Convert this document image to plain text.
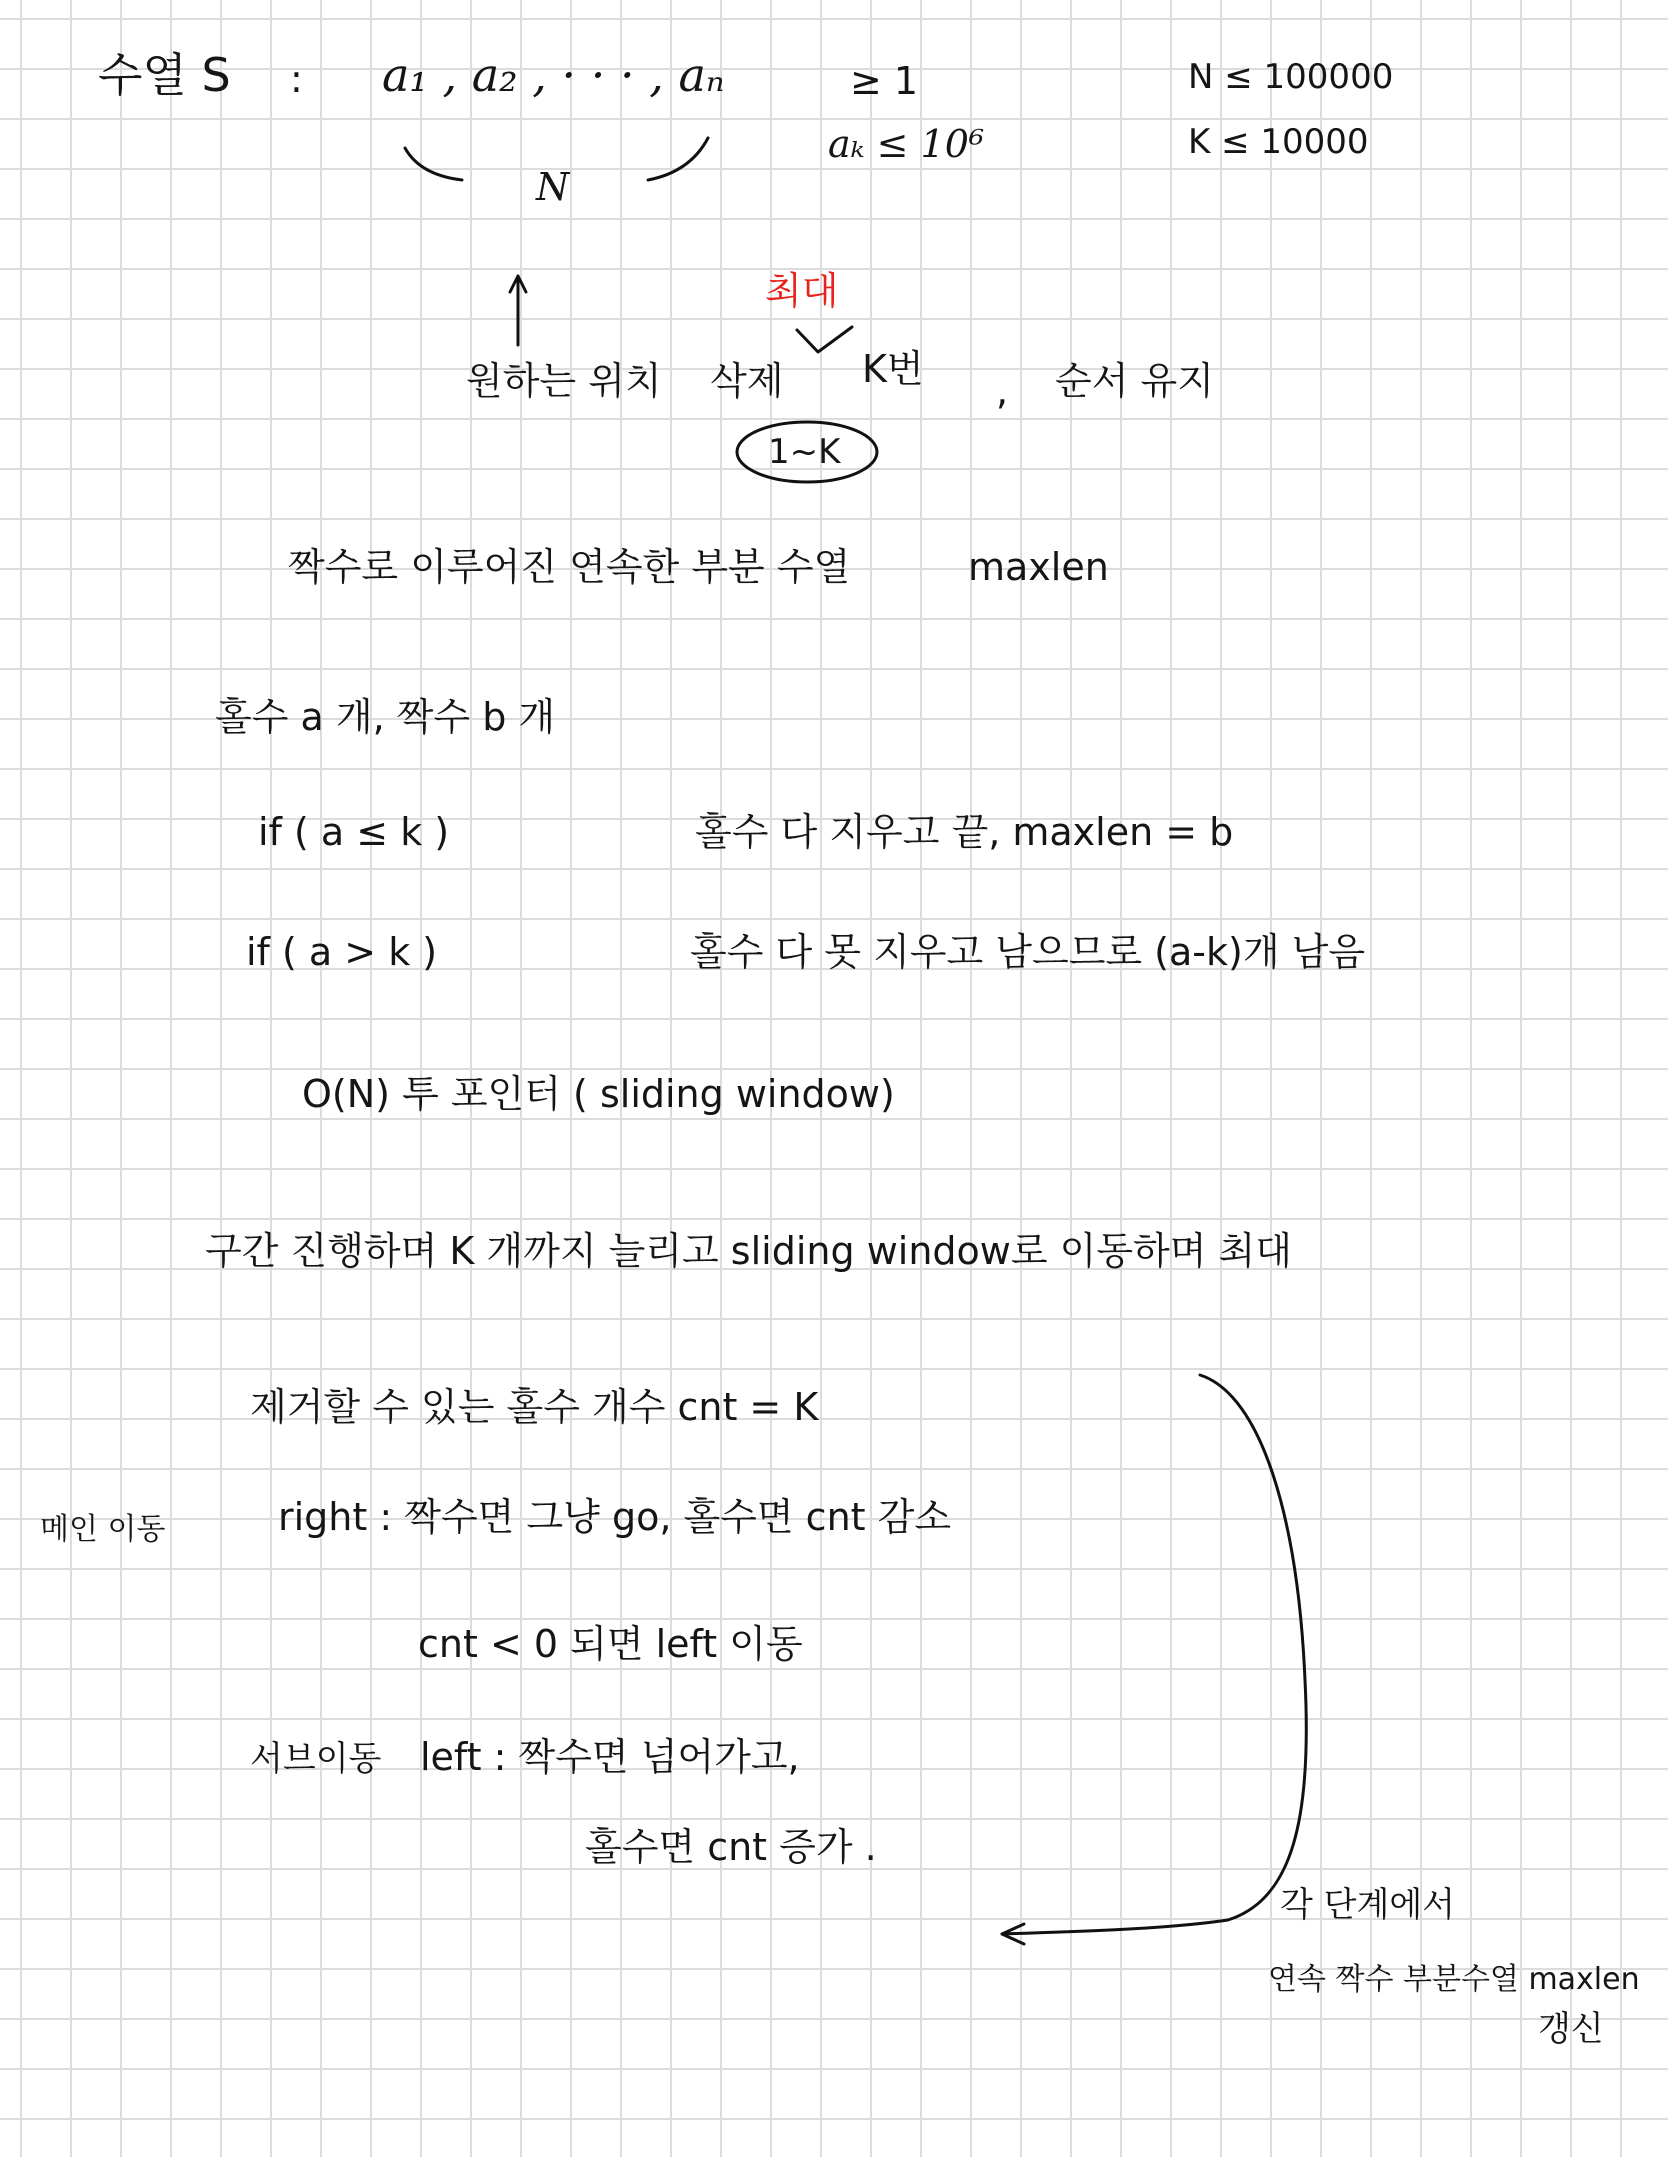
수열 S : a₁ , a₂ , · · · , aₙ
N
≥ 1
aₖ ≤ 10⁶
N ≤ 100000
K ≤ 10000
최대
원하는 위치 삭제 K번 , 순서 유지
1~K
짝수로 이루어진 연속한 부분 수열	maxlen
홀수 a 개, 짝수 b 개
if ( a ≤ k )	홀수 다 지우고 끝, maxlen = b
if ( a > k )	홀수 다 못 지우고 남으므로 (a-k)개 남음
O(N) 투 포인터 ( sliding window)
구간 진행하며 K 개까지 늘리고 sliding window로 이동하며 최대
제거할 수 있는 홀수 개수 cnt = K
메인 이동	right : 짝수면 그냥 go, 홀수면 cnt 감소
cnt < 0 되면 left 이동
서브이동 left : 짝수면 넘어가고,
홀수면 cnt 증가 .
각 단계에서
연속 짝수 부분수열 maxlen
갱신
